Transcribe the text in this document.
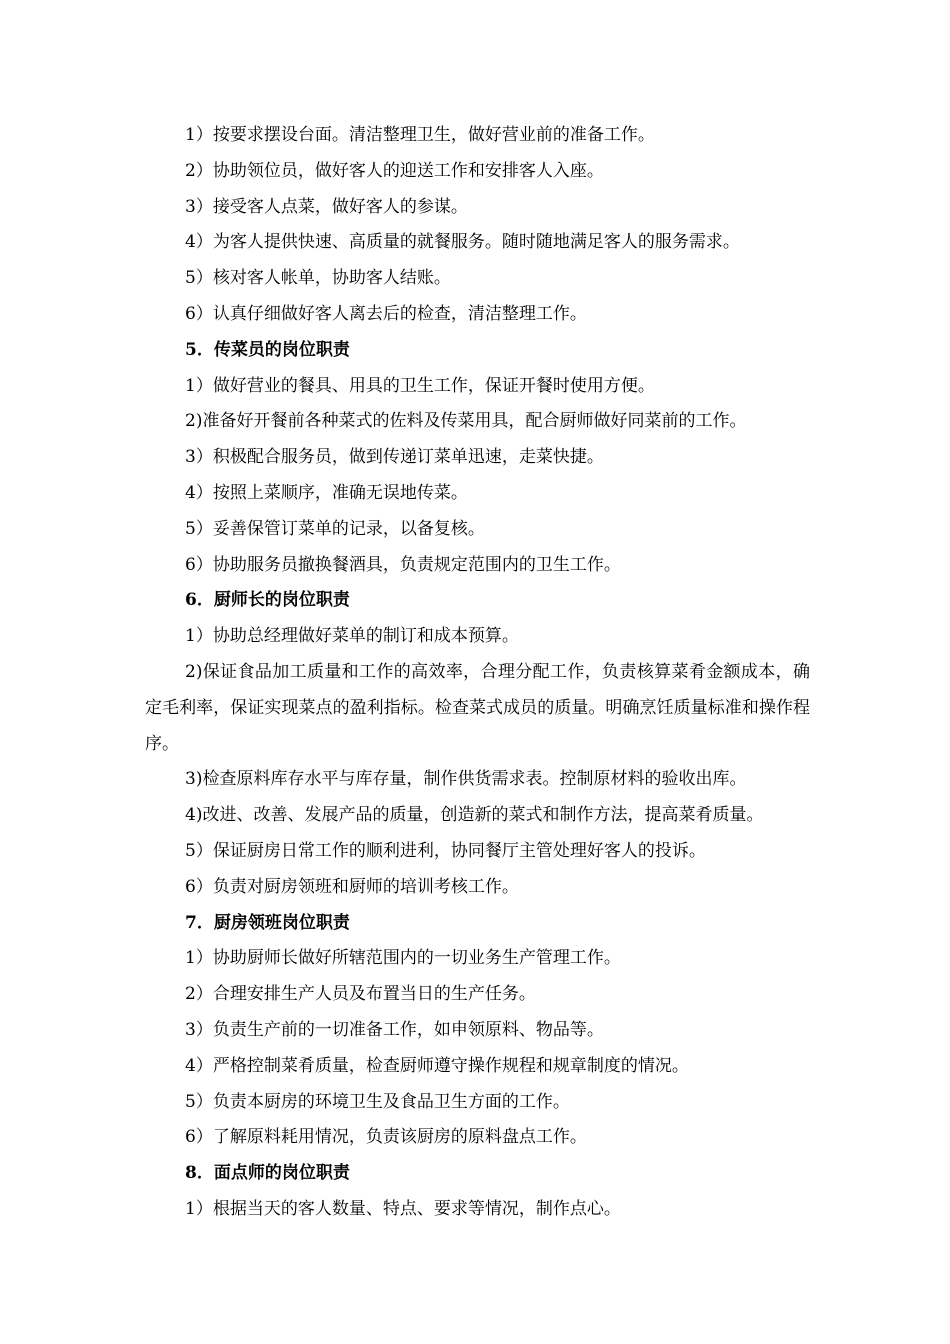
1）按要求摆设台面。清洁整理卫生，做好营业前的准备工作。
2）协助领位员，做好客人的迎送工作和安排客人入座。
3）接受客人点菜，做好客人的参谋。
4）为客人提供快速、高质量的就餐服务。随时随地满足客人的服务需求。
5）核对客人帐单，协助客人结账。
6）认真仔细做好客人离去后的检查，清洁整理工作。
5．传菜员的岗位职责
1）做好营业的餐具、用具的卫生工作，保证开餐时使用方便。
2)准备好开餐前各种菜式的佐料及传菜用具，配合厨师做好同菜前的工作。
3）积极配合服务员，做到传递订菜单迅速，走菜快捷。
4）按照上菜顺序，准确无误地传菜。
5）妥善保管订菜单的记录，以备复核。
6）协助服务员撤换餐酒具，负责规定范围内的卫生工作。
6．厨师长的岗位职责
1）协助总经理做好菜单的制订和成本预算。
2)保证食品加工质量和工作的高效率，合理分配工作，负责核算菜肴金额成本，确定毛利率，保证实现菜点的盈利指标。检查菜式成员的质量。明确烹饪质量标准和操作程序。
3)检查原料库存水平与库存量，制作供货需求表。控制原材料的验收出库。
4)改进、改善、发展产品的质量，创造新的菜式和制作方法，提高菜肴质量。
5）保证厨房日常工作的顺利进利，协同餐厅主管处理好客人的投诉。
6）负责对厨房领班和厨师的培训考核工作。
7．厨房领班岗位职责
1）协助厨师长做好所辖范围内的一切业务生产管理工作。
2）合理安排生产人员及布置当日的生产任务。
3）负责生产前的一切准备工作，如申领原料、物品等。
4）严格控制菜肴质量，检查厨师遵守操作规程和规章制度的情况。
5）负责本厨房的环境卫生及食品卫生方面的工作。
6）了解原料耗用情况，负责该厨房的原料盘点工作。
8．面点师的岗位职责
1）根据当天的客人数量、特点、要求等情况，制作点心。
